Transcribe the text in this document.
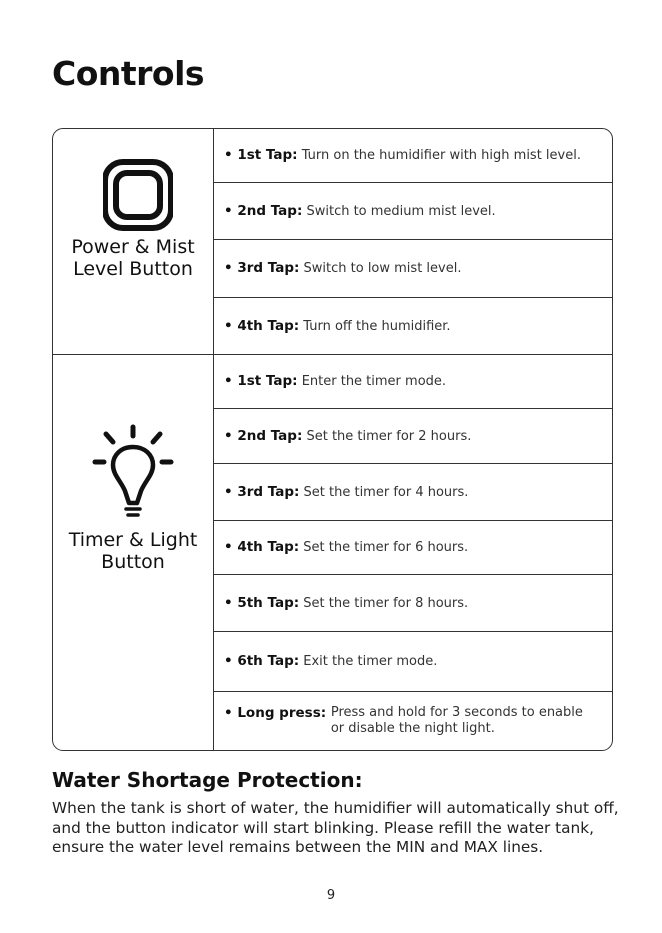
Controls
Power & Mist
Level Button
• 1st Tap: Turn on the humidifier with high mist level.
• 2nd Tap: Switch to medium mist level.
• 3rd Tap: Switch to low mist level.
• 4th Tap: Turn off the humidifier.
Timer & Light
Button
• 1st Tap: Enter the timer mode.
• 2nd Tap: Set the timer for 2 hours.
• 3rd Tap: Set the timer for 4 hours.
• 4th Tap: Set the timer for 6 hours.
• 5th Tap: Set the timer for 8 hours.
• 6th Tap: Exit the timer mode.
• Long press: Press and hold for 3 seconds to enable
or disable the night light.
Water Shortage Protection:

When the tank is short of water, the humidifier will automatically shut off, and the button indicator will start blinking. Please refill the water tank, ensure the water level remains between the MIN and MAX lines.

9
